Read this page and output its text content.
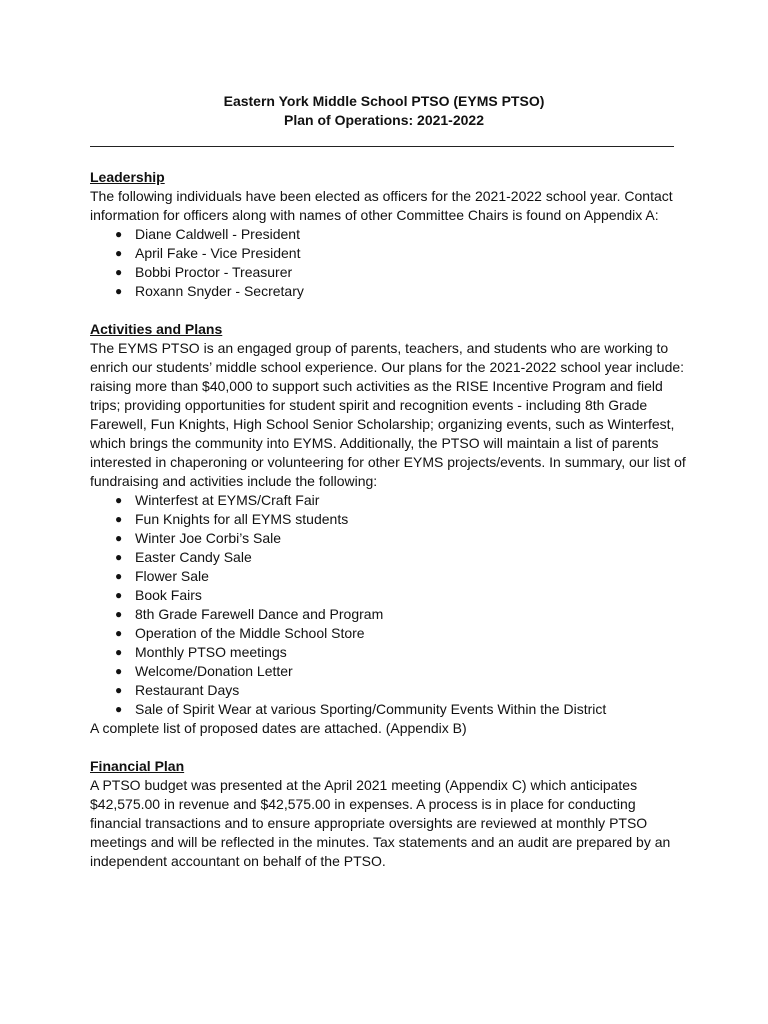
Eastern York Middle School PTSO (EYMS PTSO)
Plan of Operations: 2021-2022

Leadership

The following individuals have been elected as officers for the 2021-2022 school year. Contact information for officers along with names of other Committee Chairs is found on Appendix A:

● Diane Caldwell - President
● April Fake - Vice President
● Bobbi Proctor - Treasurer
● Roxann Snyder - Secretary

Activities and Plans

The EYMS PTSO is an engaged group of parents, teachers, and students who are working to enrich our students’ middle school experience. Our plans for the 2021-2022 school year include: raising more than $40,000 to support such activities as the RISE Incentive Program and field trips; providing opportunities for student spirit and recognition events - including 8th Grade Farewell, Fun Knights, High School Senior Scholarship; organizing events, such as Winterfest, which brings the community into EYMS. Additionally, the PTSO will maintain a list of parents interested in chaperoning or volunteering for other EYMS projects/events. In summary, our list of fundraising and activities include the following:

● Winterfest at EYMS/Craft Fair
● Fun Knights for all EYMS students
● Winter Joe Corbi’s Sale
● Easter Candy Sale
● Flower Sale
● Book Fairs
● 8th Grade Farewell Dance and Program
● Operation of the Middle School Store
● Monthly PTSO meetings
● Welcome/Donation Letter
● Restaurant Days
● Sale of Spirit Wear at various Sporting/Community Events Within the District

A complete list of proposed dates are attached. (Appendix B)

Financial Plan

A PTSO budget was presented at the April 2021 meeting (Appendix C) which anticipates $42,575.00 in revenue and $42,575.00 in expenses. A process is in place for conducting financial transactions and to ensure appropriate oversights are reviewed at monthly PTSO meetings and will be reflected in the minutes. Tax statements and an audit are prepared by an independent accountant on behalf of the PTSO.
